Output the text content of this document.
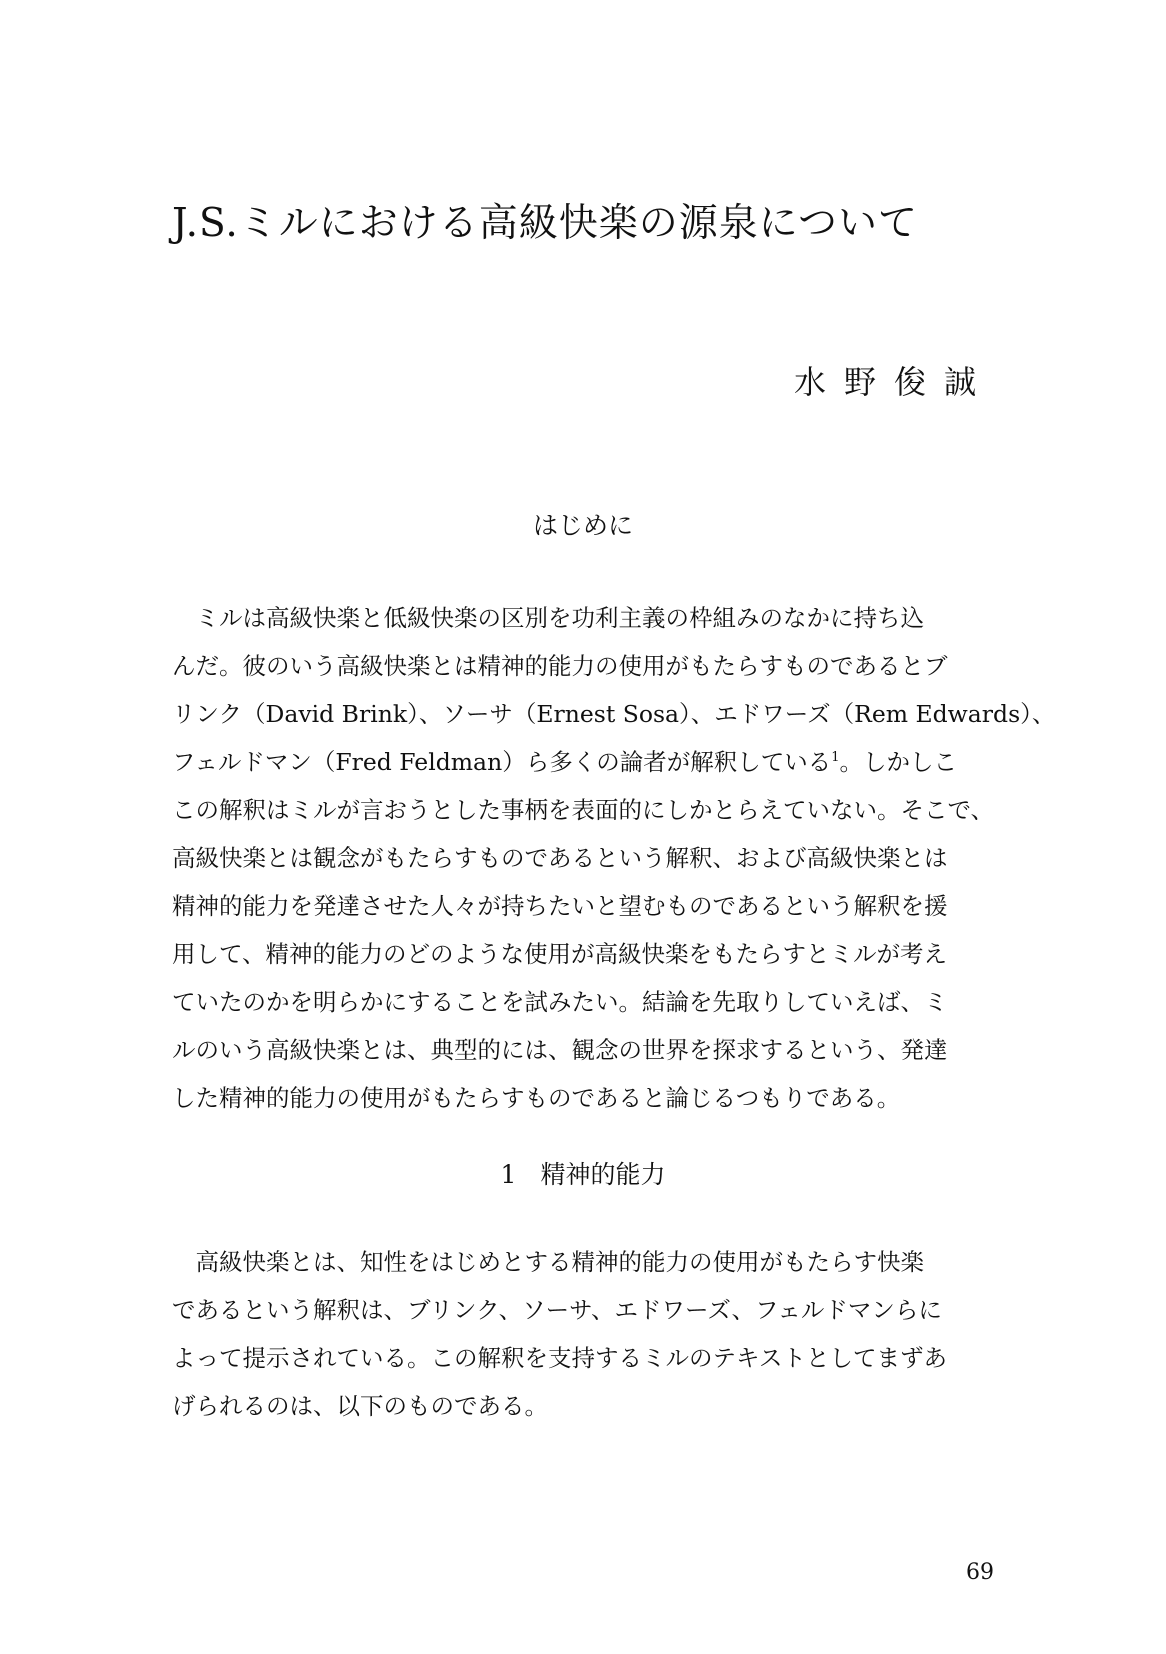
J.S.ミルにおける高級快楽の源泉について

水野俊誠

はじめに
　ミルは高級快楽と低級快楽の区別を功利主義の枠組みのなかに持ち込
んだ。彼のいう高級快楽とは精神的能力の使用がもたらすものであるとブ
リンク（David Brink）、ソーサ（Ernest Sosa）、エドワーズ（Rem Edwards）、
フェルドマン（Fred Feldman）ら多くの論者が解釈している$^1$。しかしこ
この解釈はミルが言おうとした事柄を表面的にしかとらえていない。そこで、
高級快楽とは観念がもたらすものであるという解釈、および高級快楽とは
精神的能力を発達させた人々が持ちたいと望むものであるという解釈を援
用して、精神的能力のどのような使用が高級快楽をもたらすとミルが考え
ていたのかを明らかにすることを試みたい。結論を先取りしていえば、ミ
ルのいう高級快楽とは、典型的には、観念の世界を探求するという、発達
した精神的能力の使用がもたらすものであると論じるつもりである。
1 精神的能力
　高級快楽とは、知性をはじめとする精神的能力の使用がもたらす快楽
であるという解釈は、ブリンク、ソーサ、エドワーズ、フェルドマンらに
よって提示されている。この解釈を支持するミルのテキストとしてまずあ
げられるのは、以下のものである。

69
